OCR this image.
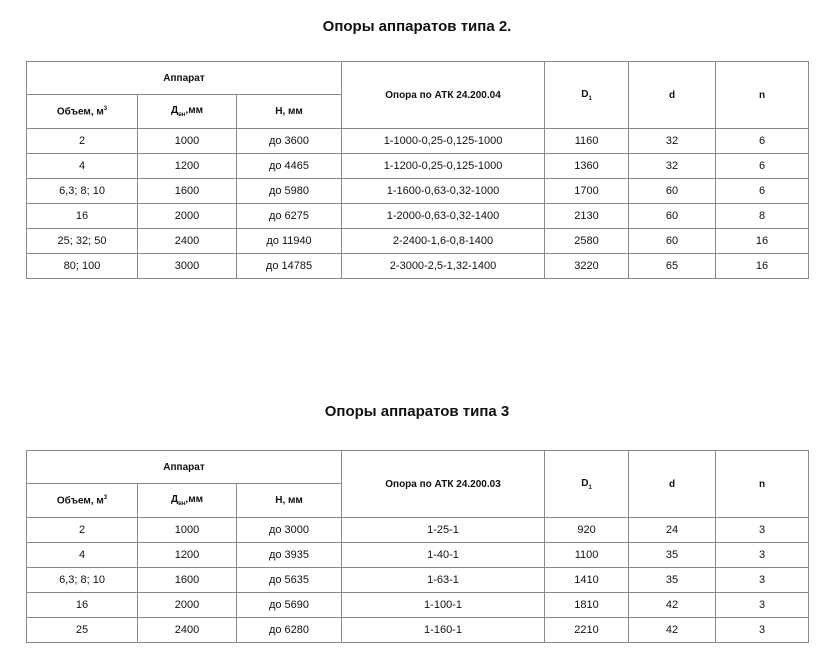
Опоры аппаратов типа 2.
Аппарат			Опора по АТК 24.200.04	$D_1$	d	n
Объем, $м^3$	$Д_{вн},мм$	Н, мм				
2	1000	до 3600	1-1000-0,25-0,125-1000	1160	32	6
4	1200	до 4465	1-1200-0,25-0,125-1000	1360	32	6
6,3; 8; 10	1600	до 5980	1-1600-0,63-0,32-1000	1700	60	6
16	2000	до 6275	1-2000-0,63-0,32-1400	2130	60	8
25; 32; 50	2400	до 11940	2-2400-1,6-0,8-1400	2580	60	16
80; 100	3000	до 14785	2-3000-2,5-1,32-1400	3220	65	16
Опоры аппаратов типа 3
Аппарат			Опора по АТК 24.200.03	$D_1$	d	n
Объем, $м^3$	$Д_{вн},мм$	Н, мм				
2	1000	до 3000	1-25-1	920	24	3
4	1200	до 3935	1-40-1	1100	35	3
6,3; 8; 10	1600	до 5635	1-63-1	1410	35	3
16	2000	до 5690	1-100-1	1810	42	3
25	2400	до 6280	1-160-1	2210	42	3
